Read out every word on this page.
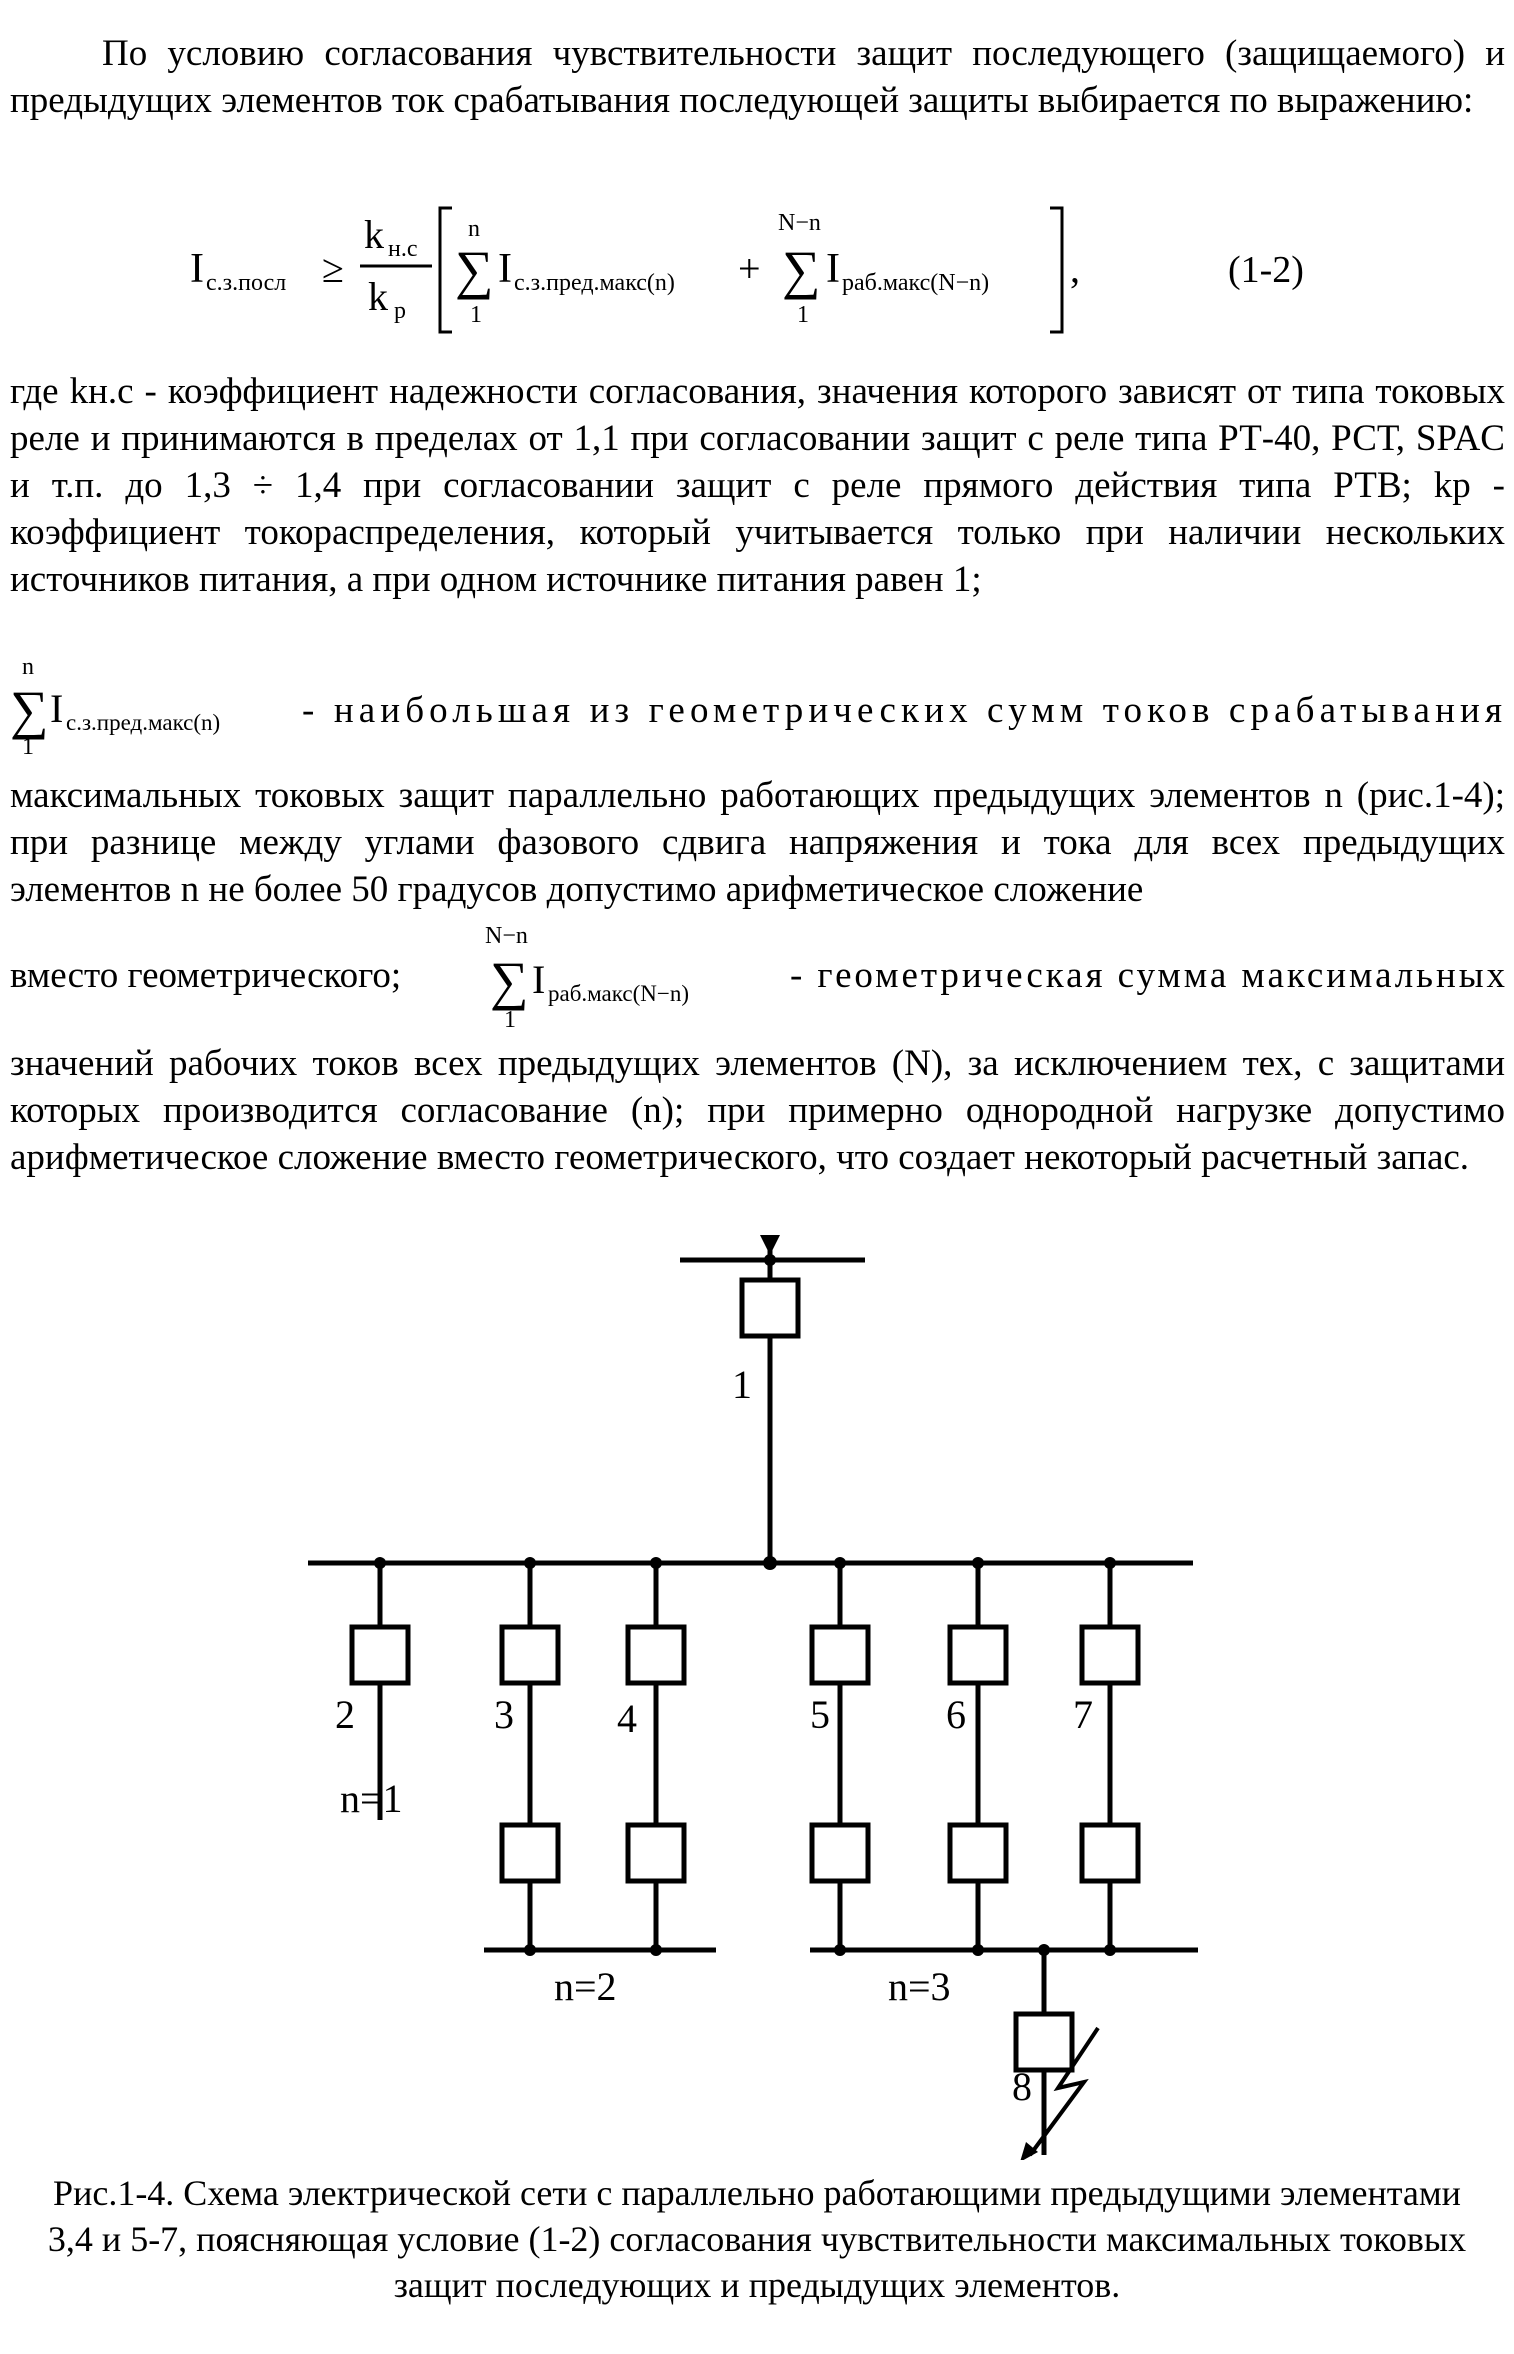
По условию согласования чувствительности защит последующего (защищаемого) и предыдущих элементов ток срабатывания последующей защиты выбирается по выражению:
I с.з.посл ≥
k н.с
k р
n
∑
1
I с.з.пред.макс(n) +
N−n
∑
1
I раб.макс(N−n) ,	(1-2)
где kн.с - коэффициент надежности согласования, значения которого зависят от типа токовых реле и принимаются в пределах от 1,1 при согласовании защит с реле типа РТ-40, РСТ, SPAC и т.п. до 1,3 ÷ 1,4 при согласовании защит с реле прямого действия типа РТВ; kр - коэффициент токораспределения, который учитывается только при наличии нескольких источников питания, а при одном источнике питания равен 1;
n
∑
1
I с.з.пред.макс(n) - наибольшая из геометрических сумм токов срабатывания
максимальных токовых защит параллельно работающих предыдущих элементов n (рис.1-4); при разнице между углами фазового сдвига напряжения и тока для всех предыдущих элементов n не более 50 градусов допустимо арифметическое сложение
вместо геометрического;
N−n
∑
1
I раб.макс(N−n)	- геометрическая сумма максимальных
значений рабочих токов всех предыдущих элементов (N), за исключением тех, с защитами которых производится согласование (n); при примерно однородной нагрузке допустимо арифметическое сложение вместо геометрического, что создает некоторый расчетный запас.
1
2	3	4	5	6	7
8
n=1
n=2	n=3
Рис.1-4. Схема электрической сети с параллельно работающими предыдущими элементами 3,4 и 5-7, поясняющая условие (1-2) согласования чувствительности максимальных токовых защит последующих и предыдущих элементов.
